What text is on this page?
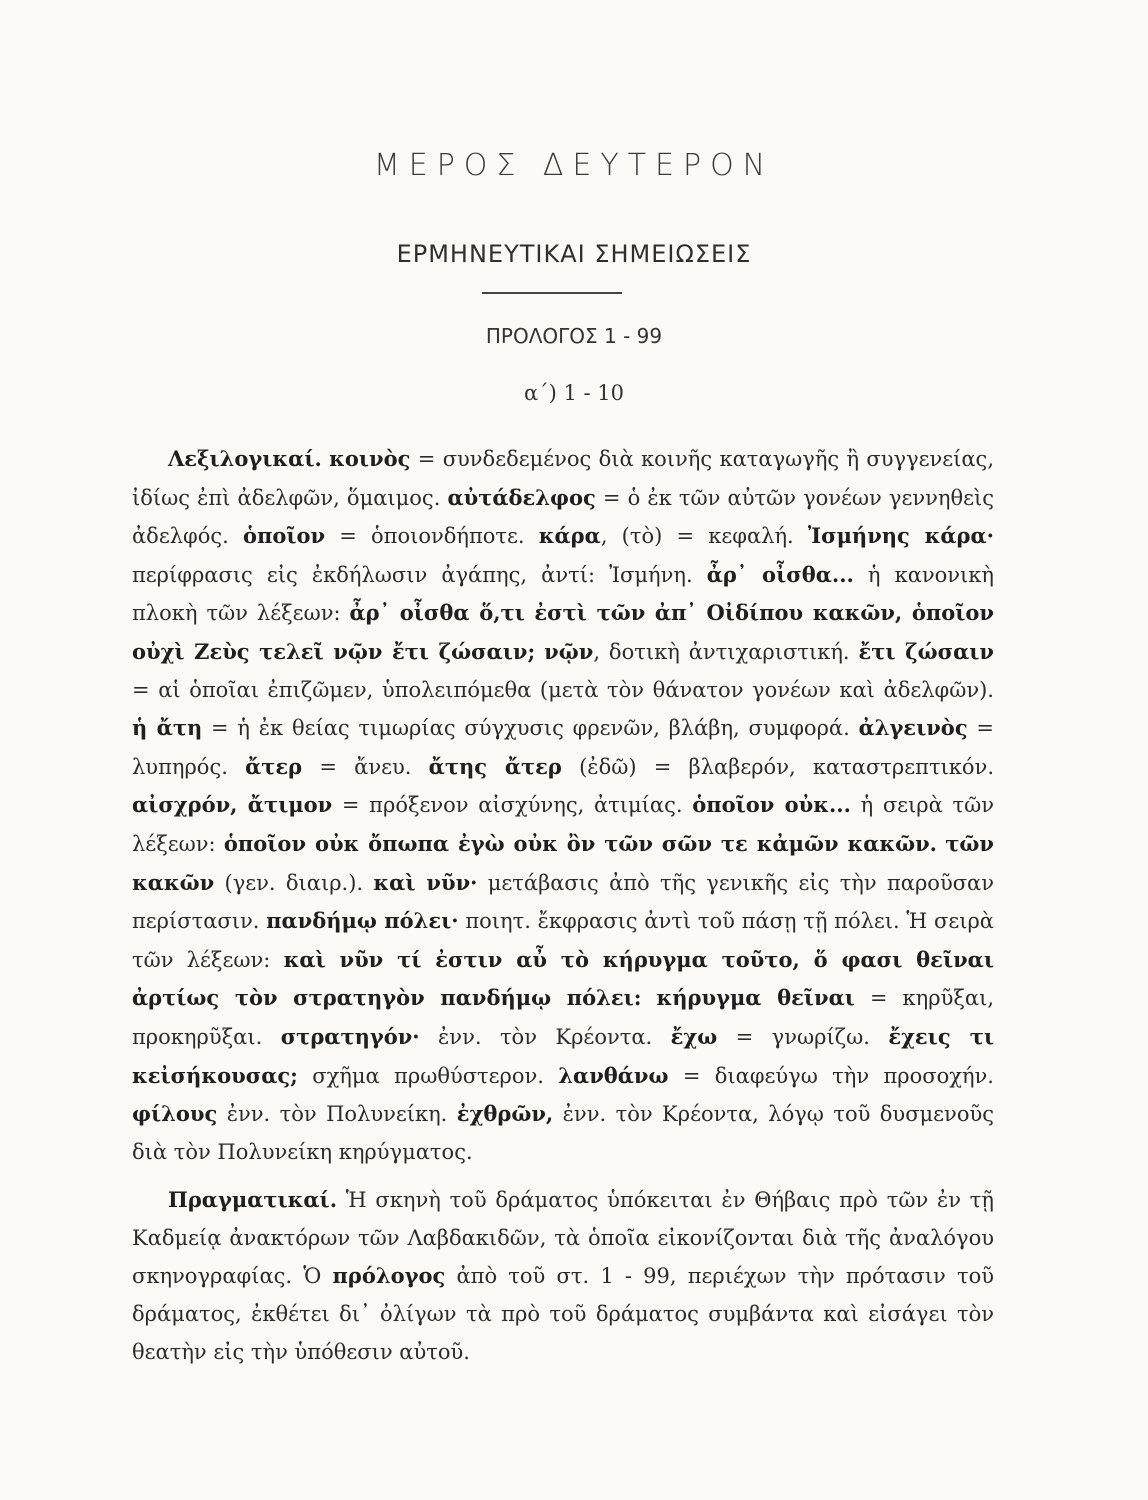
ΜΕΡΟΣ ΔΕΥΤΕΡΟΝ
ΕΡΜΗΝΕΥΤΙΚΑΙ ΣΗΜΕΙΩΣΕΙΣ
ΠΡΟΛΟΓΟΣ 1 - 99
α΄) 1 - 10

Λεξιλογικαί. κοινὸς = συνδεδεμένος διὰ κοινῆς καταγωγῆς ἢ συγγενείας, ἰδίως ἐπὶ ἀδελφῶν, ὅμαιμος. αὐτάδελφος = ὁ ἐκ τῶν αὐτῶν γονέων γεννηθεὶς ἀδελφός. ὁποῖον = ὁποιονδήποτε. κάρα, (τὸ) = κεφαλή. Ἰσμήνης κάρα· περίφρασις εἰς ἐκδήλωσιν ἀγάπης, ἀντί: Ἰσμήνη. ἆρ᾽ οἶσθα... ἡ κανονικὴ πλοκὴ τῶν λέξεων: ἆρ᾽ οἶσθα ὅ,τι ἐστὶ τῶν ἀπ᾽ Οἰδίπου κακῶν, ὁποῖον οὐχὶ Ζεὺς τελεῖ νῷν ἔτι ζώσαιν; νῷν, δοτικὴ ἀντιχαριστική. ἔτι ζώσαιν = αἱ ὁποῖαι ἐπιζῶμεν, ὑπολειπόμεθα (μετὰ τὸν θάνατον γονέων καὶ ἀδελφῶν). ἡ ἄτη = ἡ ἐκ θείας τιμωρίας σύγχυσις φρενῶν, βλάβη, συμφορά. ἀλγεινὸς = λυπηρός. ἄτερ = ἄνευ. ἄτης ἄτερ (ἐδῶ) = βλαβερόν, καταστρεπτικόν. αἰσχρόν, ἄτιμον = πρόξενον αἰσχύνης, ἀτιμίας. ὁποῖον οὐκ... ἡ σειρὰ τῶν λέξεων: ὁποῖον οὐκ ὄπωπα ἐγὼ οὐκ ὂν τῶν σῶν τε κἀμῶν κακῶν. τῶν κακῶν (γεν. διαιρ.). καὶ νῦν· μετάβασις ἀπὸ τῆς γενικῆς εἰς τὴν παροῦσαν περίστασιν. πανδήμῳ πόλει· ποιητ. ἔκφρασις ἀντὶ τοῦ πάσῃ τῇ πόλει. Ἡ σειρὰ τῶν λέξεων: καὶ νῦν τί ἐστιν αὖ τὸ κήρυγμα τοῦτο, ὅ φασι θεῖναι ἀρτίως τὸν στρατηγὸν πανδήμῳ πόλει: κήρυγμα θεῖναι = κηρῦξαι, προκηρῦξαι. στρατηγόν· ἐνν. τὸν Κρέοντα. ἔχω = γνωρίζω. ἔχεις τι κεἰσήκουσας; σχῆμα πρωθύστερον. λανθάνω = διαφεύγω τὴν προσοχήν. φίλους ἐνν. τὸν Πολυνείκη. ἐχθρῶν, ἐνν. τὸν Κρέοντα, λόγῳ τοῦ δυσμενοῦς διὰ τὸν Πολυνείκη κηρύγματος.

Πραγματικαί. Ἡ σκηνὴ τοῦ δράματος ὑπόκειται ἐν Θήβαις πρὸ τῶν ἐν τῇ Καδμείᾳ ἀνακτόρων τῶν Λαβδακιδῶν, τὰ ὁποῖα εἰκονίζονται διὰ τῆς ἀναλόγου σκηνογραφίας. Ὁ πρόλογος ἀπὸ τοῦ στ. 1 - 99, περιέχων τὴν πρότασιν τοῦ δράματος, ἐκθέτει δι᾽ ὀλίγων τὰ πρὸ τοῦ δράματος συμβάντα καὶ εἰσάγει τὸν θεατὴν εἰς τὴν ὑπόθεσιν αὐτοῦ.
